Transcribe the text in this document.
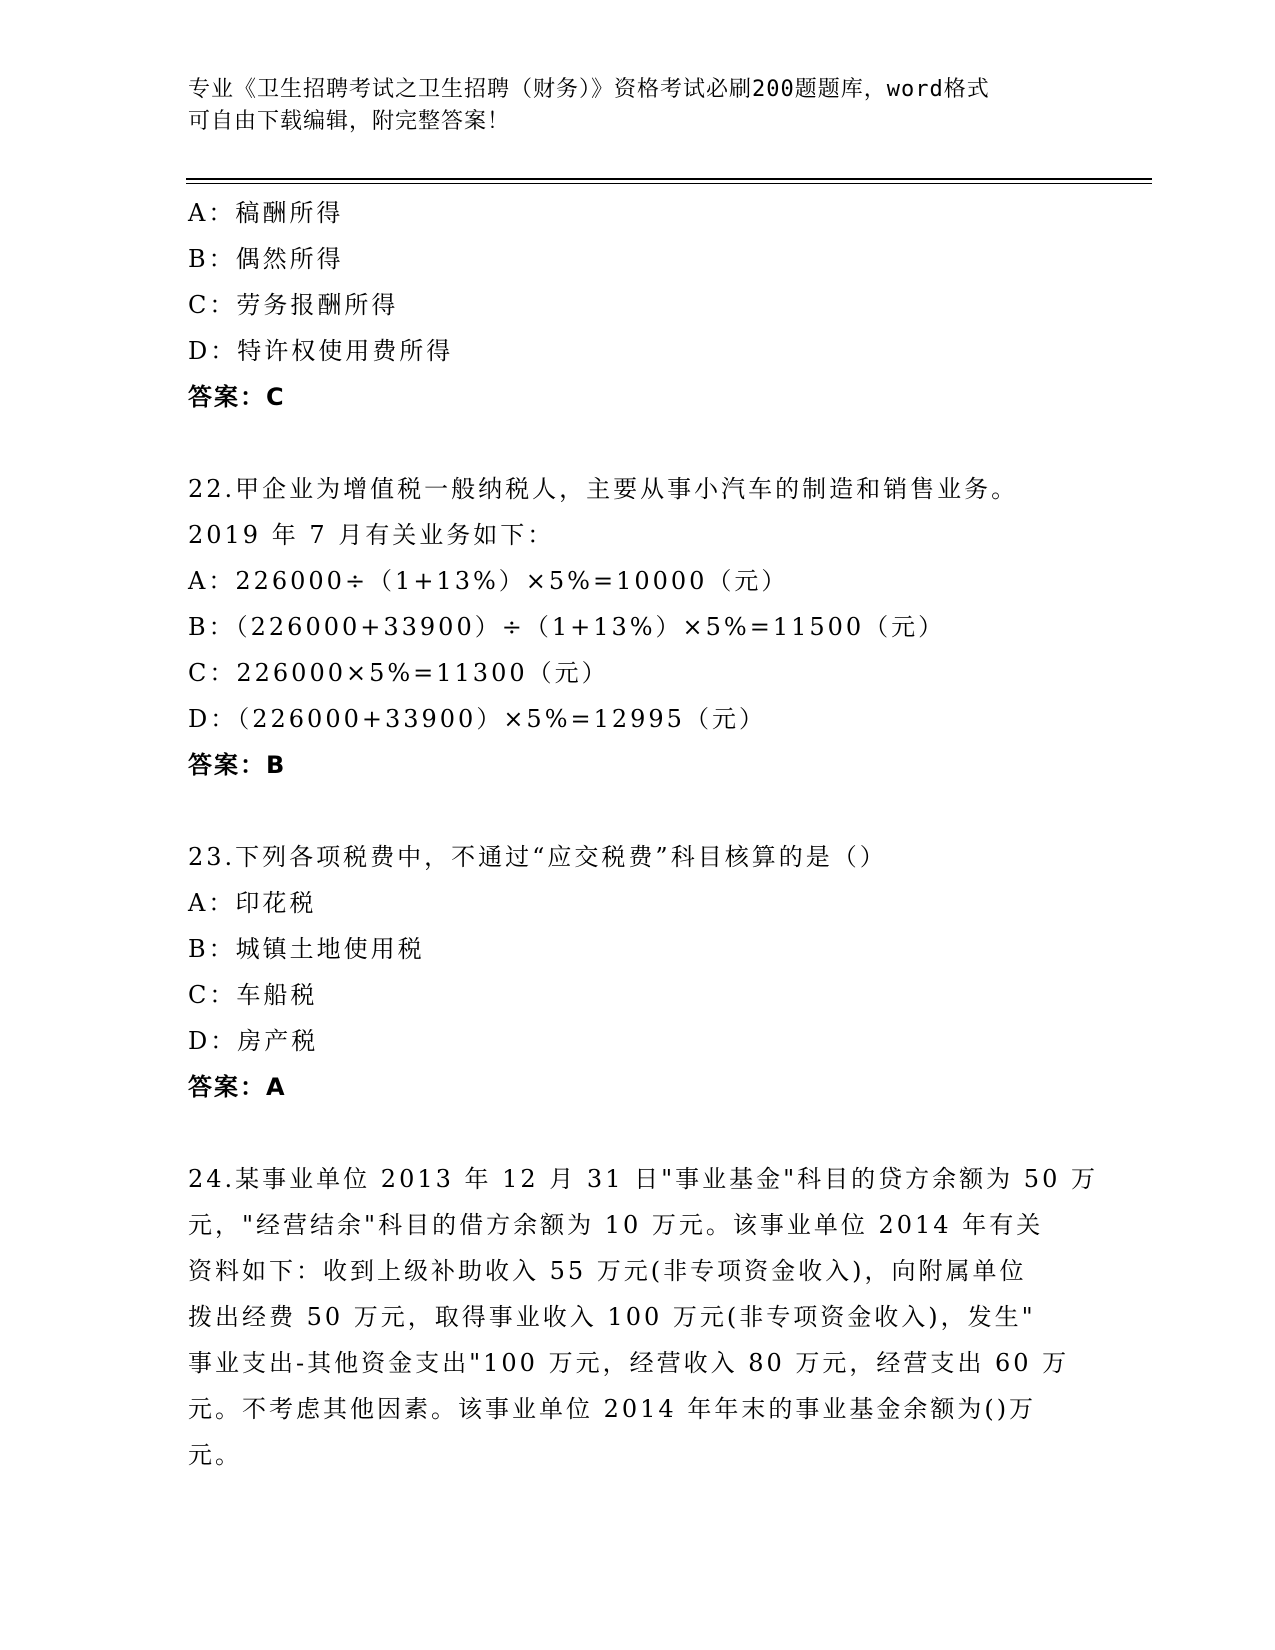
专业《卫生招聘考试之卫生招聘（财务）》资格考试必刷200题题库，word格式
可自由下载编辑，附完整答案！
A：稿酬所得
B：偶然所得
C：劳务报酬所得
D：特许权使用费所得
答案：C
22.甲企业为增值税一般纳税人，主要从事小汽车的制造和销售业务。
2019 年 7 月有关业务如下：
A：226000÷（1+13%）×5%=10000（元）
B：（226000+33900）÷（1+13%）×5%=11500（元）
C：226000×5%=11300（元）
D：（226000+33900）×5%=12995（元）
答案：B
23.下列各项税费中，不通过“应交税费”科目核算的是（）
A：印花税
B：城镇土地使用税
C：车船税
D：房产税
答案：A
24.某事业单位 2013 年 12 月 31 日"事业基金"科目的贷方余额为 50 万
元，"经营结余"科目的借方余额为 10 万元。该事业单位 2014 年有关
资料如下：收到上级补助收入 55 万元(非专项资金收入)，向附属单位
拨出经费 50 万元，取得事业收入 100 万元(非专项资金收入)，发生"
事业支出-其他资金支出"100 万元，经营收入 80 万元，经营支出 60 万
元。不考虑其他因素。该事业单位 2014 年年末的事业基金余额为()万
元。
